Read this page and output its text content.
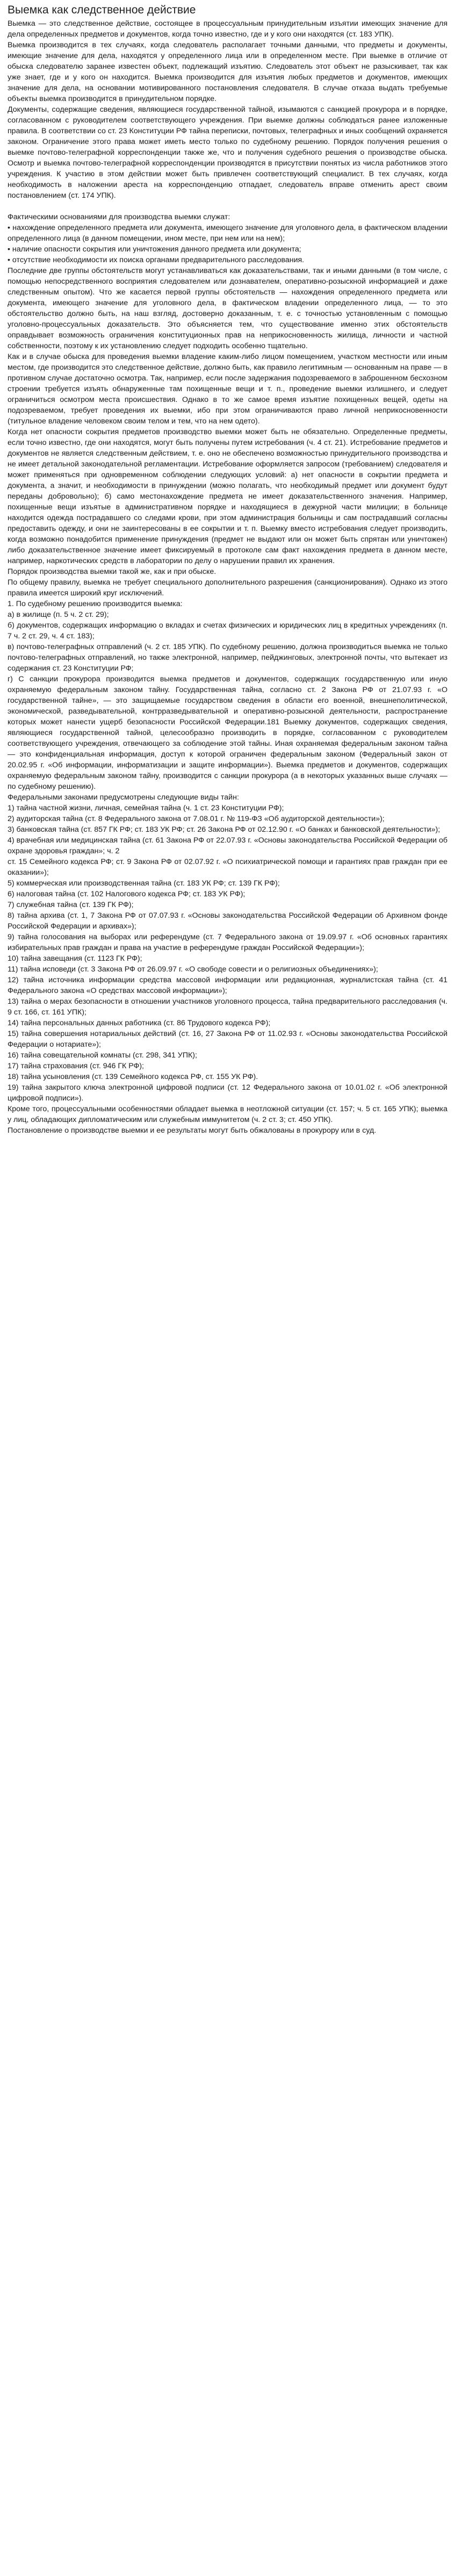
Выемка как следственное действие

Выемка — это следственное действие, состоящее в процессуальным принудительным изъятии имеющих значение для дела определенных предметов и документов, когда точно известно, где и у кого они находятся (ст. 183 УПК).

Выемка производится в тех случаях, когда следователь располагает точными данными, что предметы и документы, имеющие значение для дела, находятся у определенного лица или в определенном месте. При выемке в отличие от обыска следователю заранее известен объект, подлежащий изъятию. Следователь этот объект не разыскивает, так как уже знает, где и у кого он находится. Выемка производится для изъятия любых предметов и документов, имеющих значение для дела, на основании мотивированного постановления следователя. В случае отказа выдать требуемые объекты выемка производится в принудительном порядке.

Документы, содержащие сведения, являющиеся государственной тайной, изымаются с санкцией прокурора и в порядке, согласованном с руководителем соответствующего учреждения. При выемке должны соблюдаться ранее изложенные правила. В соответствии со ст. 23 Конституции РФ тайна переписки, почтовых, телеграфных и иных сообщений охраняется законом. Ограничение этого права может иметь место только по судебному решению. Порядок получения решения о выемке почтово-телеграфной корреспонденции также же, что и получения судебного решения о производстве обыска. Осмотр и выемка почтово-телеграфной корреспонденции производятся в присутствии понятых из числа работников этого учреждения. К участию в этом действии может быть привлечен соответствующий специалист. В тех случаях, когда необходимость в наложении ареста на корреспонденцию отпадает, следователь вправе отменить арест своим постановлением (ст. 174 УПК).

Фактическими основаниями для производства выемки служат:

• нахождение определенного предмета или документа, имеющего значение для уголовного дела, в фактическом владении определенного лица (в данном помещении, ином месте, при нем или на нем);

• наличие опасности сокрытия или уничтожения данного предмета или документа;

• отсутствие необходимости их поиска органами предварительного расследования.

Последние две группы обстоятельств могут устанавливаться как доказательствами, так и иными данными (в том числе, с помощью непосредственного восприятия следователем или дознавателем, оперативно-розыскной информацией и даже следственным опытом). Что же касается первой группы обстоятельств — нахождения определенного предмета или документа, имеющего значение для уголовного дела, в фактическом владении определенного лица, — то это обстоятельство должно быть, на наш взгляд, достоверно доказанным, т. е. с точностью установленным с помощью уголовно-процессуальных доказательств. Это объясняется тем, что существование именно этих обстоятельств оправдывает возможность ограничения конституционных прав на неприкосновенность жилища, личности и частной собственности, поэтому к их установлению следует подходить особенно тщательно.

Как и в случае обыска для проведения выемки владение каким-либо лицом помещением, участком местности или иным местом, где производится это следственное действие, должно быть, как правило легитимным — основанным на праве — в противном случае достаточно осмотра. Так, например, если после задержания подозреваемого в заброшенном бесхозном строении требуется изъять обнаруженные там похищенные вещи и т. п., проведение выемки излишнего, и следует ограничиться осмотром места происшествия. Однако в то же самое время изъятие похищенных вещей, одеты на подозреваемом, требует проведения их выемки, ибо при этом ограничиваются право личной неприкосновенности (титульное владение человеком своим телом и тем, что на нем одето).

Когда нет опасности сокрытия предметов производство выемки может быть не обязательно. Определенные предметы, если точно известно, где они находятся, могут быть получены путем истребования (ч. 4 ст. 21). Истребование предметов и документов не является следственным действием, т. е. оно не обеспечено возможностью принудительного производства и не имеет детальной законодательной регламентации. Истребование оформляется запросом (требованием) следователя и может применяться при одновременном соблюдении следующих условий: а) нет опасности в сокрытии предмета и документа, а значит, и необходимости в принуждении (можно полагать, что необходимый предмет или документ будут переданы добровольно); б) само местонахождение предмета не имеет доказательственного значения. Например, похищенные вещи изъятые в административном порядке и находящиеся в дежурной части милиции; в больнице находится одежда пострадавшего со следами крови, при этом администрация больницы и сам пострадавший согласны предоставить одежду, и они не заинтересованы в ее сокрытии и т. п. Выемку вместо истребования следует производить, когда возможно понадобится применение принуждения (предмет не выдают или он может быть спрятан или уничтожен) либо доказательственное значение имеет фиксируемый в протоколе сам факт нахождения предмета в данном месте, например, наркотических средств в лаборатории по делу о нарушении правил их хранения.

Порядок производства выемки такой же, как и при обыске.

По общему правилу, выемка не требует специального дополнительного разрешения (санкционирования). Однако из этого правила имеется широкий круг исключений.

1. По судебному решению производится выемка:

а) в жилище (п. 5 ч. 2 ст. 29);

б) документов, содержащих информацию о вкладах и счетах физических и юридических лиц в кредитных учреждениях (п. 7 ч. 2 ст. 29, ч. 4 ст. 183);

в) почтово-телеграфных отправлений (ч. 2 ст. 185 УПК). По судебному решению, должна производиться выемка не только почтово-телеграфных отправлений, но также электронной, например, пейджинговых, электронной почты, что вытекает из содержания ст. 23 Конституции РФ;

г) С санкции прокурора производится выемка предметов и документов, содержащих государственную или иную охраняемую федеральным законом тайну. Государственная тайна, согласно ст. 2 Закона РФ от 21.07.93 г. «О государственной тайне», — это защищаемые государством сведения в области его военной, внешнеполитической, экономической, разведывательной, контрразведывательной и оперативно-розыскной деятельности, распространение которых может нанести ущерб безопасности Российской Федерации.181 Выемку документов, содержащих сведения, являющиеся государственной тайной, целесообразно производить в порядке, согласованном с руководителем соответствующего учреждения, отвечающего за соблюдение этой тайны. Иная охраняемая федеральным законом тайна — это конфиденциальная информация, доступ к которой ограничен федеральным законом (Федеральный закон от 20.02.95 г. «Об информации, информатизации и защите информации»). Выемка предметов и документов, содержащих охраняемую федеральным законом тайну, производится с санкции прокурора (а в некоторых указанных выше случаях — по судебному решению).

Федеральными законами предусмотрены следующие виды тайн:

1) тайна частной жизни, личная, семейная тайна (ч. 1 ст. 23 Конституции РФ);

2) аудиторская тайна (ст. 8 Федерального закона от 7.08.01 г. № 119-ФЗ «Об аудиторской деятельности»);

3) банковская тайна (ст. 857 ГК РФ; ст. 183 УК РФ; ст. 26 Закона РФ от 02.12.90 г. «О банках и банковской деятельности»);

4) врачебная или медицинская тайна (ст. 61 Закона РФ от 22.07.93 г. «Основы законодательства Российской Федерации об охране здоровья граждан»; ч. 2

ст. 15 Семейного кодекса РФ; ст. 9 Закона РФ от 02.07.92 г. «О психиатрической помощи и гарантиях прав граждан при ее оказании»);

5) коммерческая или производственная тайна (ст. 183 УК РФ; ст. 139 ГК РФ);

6) налоговая тайна (ст. 102 Налогового кодекса РФ; ст. 183 УК РФ);

7) служебная тайна (ст. 139 ГК РФ);

8) тайна архива (ст. 1, 7 Закона РФ от 07.07.93 г. «Основы законодательства Российской Федерации об Архивном фонде Российской Федерации и архивах»);

9) тайна голосования на выборах или референдуме (ст. 7 Федерального закона от 19.09.97 г. «Об основных гарантиях избирательных прав граждан и права на участие в референдуме граждан Российской Федерации»);

10) тайна завещания (ст. 1123 ГК РФ);

11) тайна исповеди (ст. 3 Закона РФ от 26.09.97 г. «О свободе совести и о религиозных объединениях»);

12) тайна источника информации средства массовой информации или редакционная, журналистская тайна (ст. 41 Федерального закона «О средствах массовой информации»);

13) тайна о мерах безопасности в отношении участников уголовного процесса, тайна предварительного расследования (ч. 9 ст. 166, ст. 161 УПК);

14) тайна персональных данных работника (ст. 86 Трудового кодекса РФ);

15) тайна совершения нотариальных действий (ст. 16, 27 Закона РФ от 11.02.93 г. «Основы законодательства Российской Федерации о нотариате»);

16) тайна совещательной комнаты (ст. 298, 341 УПК);

17) тайна страхования (ст. 946 ГК РФ);

18) тайна усыновления (ст. 139 Семейного кодекса РФ, ст. 155 УК РФ).

19) тайна закрытого ключа электронной цифровой подписи (ст. 12 Федерального закона от 10.01.02 г. «Об электронной цифровой подписи»).

Кроме того, процессуальными особенностями обладает выемка в неотложной ситуации (ст. 157; ч. 5 ст. 165 УПК); выемка у лиц, обладающих дипломатическим или служебным иммунитетом (ч. 2 ст. 3; ст. 450 УПК).

Постановление о производстве выемки и ее результаты могут быть обжалованы в прокурору или в суд.
